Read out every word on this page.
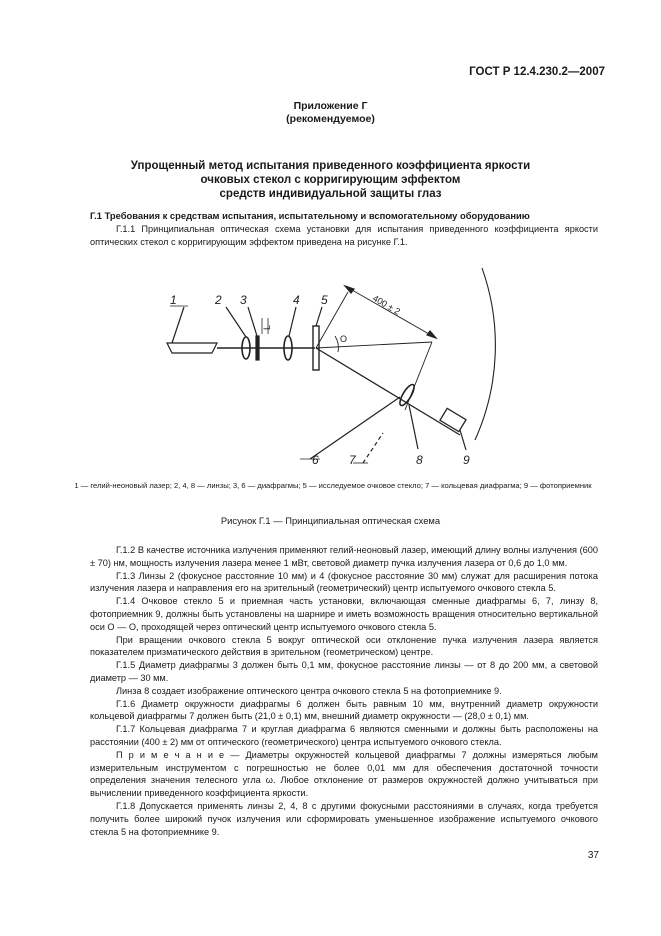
ГОСТ Р 12.4.230.2—2007
Приложение Г
(рекомендуемое)
Упрощенный метод испытания приведенного коэффициента яркости
очковых стекол с корригирующим эффектом
средств индивидуальной защиты глаз
Г.1 Требования к средствам испытания, испытательному и вспомогательному оборудованию

Г.1.1 Принципиальная оптическая схема установки для испытания приведенного коэффициента яркости оптических стекол с корригирующим эффектом приведена на рисунке Г.1.

1	2 3	4 5
6	7	8	9
400 ± 2
L
O
1 — гелий-неоновый лазер; 2, 4, 8 — линзы; 3, 6 — диафрагмы; 5 — исследуемое очковое стекло; 7 — кольцевая диафрагма; 9 — фотоприемник
Рисунок Г.1 — Принципиальная оптическая схема

Г.1.2 В качестве источника излучения применяют гелий-неоновый лазер, имеющий длину волны излучения (600 ± 70) нм, мощность излучения лазера менее 1 мВт, световой диаметр пучка излучения лазера от 0,6 до 1,0 мм.

Г.1.3 Линзы 2 (фокусное расстояние 10 мм) и 4 (фокусное расстояние 30 мм) служат для расширения потока излучения лазера и направления его на зрительный (геометрический) центр испытуемого очкового стекла 5.

Г.1.4 Очковое стекло 5 и приемная часть установки, включающая сменные диафрагмы 6, 7, линзу 8, фотоприемник 9, должны быть установлены на шарнире и иметь возможность вращения относительно вертикальной оси О — О, проходящей через оптический центр испытуемого очкового стекла 5.

При вращении очкового стекла 5 вокруг оптической оси отклонение пучка излучения лазера является показателем призматического действия в зрительном (геометрическом) центре.

Г.1.5 Диаметр диафрагмы 3 должен быть 0,1 мм, фокусное расстояние линзы — от 8 до 200 мм, а световой диаметр — 30 мм.

Линза 8 создает изображение оптического центра очкового стекла 5 на фотоприемнике 9.

Г.1.6 Диаметр окружности диафрагмы 6 должен быть равным 10 мм, внутренний диаметр окружности кольцевой диафрагмы 7 должен быть (21,0 ± 0,1) мм, внешний диаметр окружности — (28,0 ± 0,1) мм.

Г.1.7 Кольцевая диафрагма 7 и круглая диафрагма 6 являются сменными и должны быть расположены на расстоянии (400 ± 2) мм от оптического (геометрического) центра испытуемого очкового стекла.

П р и м е ч а н и е — Диаметры окружностей кольцевой диафрагмы 7 должны измеряться любым измерительным инструментом с погрешностью не более 0,01 мм для обеспечения достаточной точности определения значения телесного угла ω. Любое отклонение от размеров окружностей должно учитываться при вычислении приведенного коэффициента яркости.

Г.1.8 Допускается применять линзы 2, 4, 8 с другими фокусными расстояниями в случаях, когда требуется получить более широкий пучок излучения или сформировать уменьшенное изображение испытуемого очкового стекла 5 на фотоприемнике 9.

37
